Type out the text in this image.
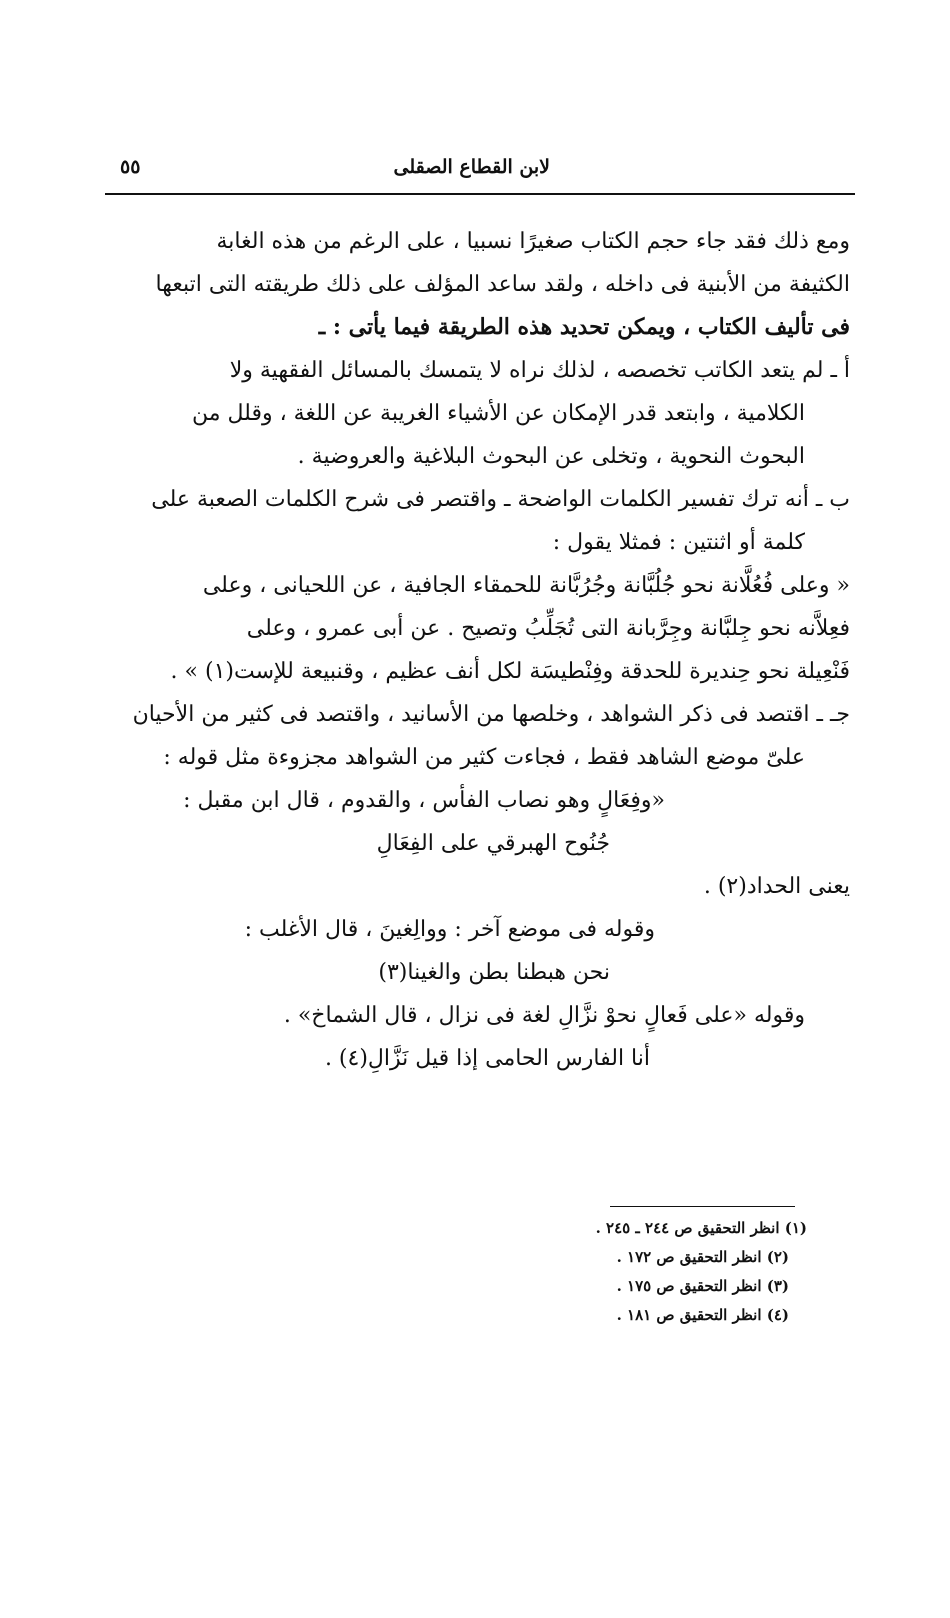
لابن القطاع الصقلى
٥٥

ومع ذلك فقد جاء حجم الكتاب صغيرًا نسبيا ، على الرغم من هذه الغابة

الكثيفة من الأبنية فى داخله ، ولقد ساعد المؤلف على ذلك طريقته التى اتبعها

فى تأليف الكتاب ، ويمكن تحديد هذه الطريقة فيما يأتى : ـ

أ ـ لم يتعد الكاتب تخصصه ، لذلك نراه لا يتمسك بالمسائل الفقهية ولا

الكلامية ، وابتعد قدر الإمكان عن الأشياء الغريبة عن اللغة ، وقلل من

البحوث النحوية ، وتخلى عن البحوث البلاغية والعروضية .

ب ـ أنه ترك تفسير الكلمات الواضحة ـ واقتصر فى شرح الكلمات الصعبة على

كلمة أو اثنتين : فمثلا يقول :

« وعلى فُعُلَّانة نحو جُلُبَّانة وجُرُبَّانة للحمقاء الجافية ، عن اللحيانى ، وعلى

فعِلاَّنه نحو جِلبَّانة وجِرَّبانة التى تُجَلِّبُ وتصيح . عن أبى عمرو ، وعلى

فَنْعِيلة نحو حِنديرة للحدقة وفِنْطيسَة لكل أنف عظيم ، وقنبيعة للإست(١) » .

جـ ـ اقتصد فى ذكر الشواهد ، وخلصها من الأسانيد ، واقتصد فى كثير من الأحيان

علىّ موضع الشاهد فقط ، فجاءت كثير من الشواهد مجزوءة مثل قوله :

«وفِعَالٍ وهو نصاب الفأس ، والقدوم ، قال ابن مقبل :

جُنُوح الهبرقي على الفِعَالِ

يعنى الحداد(٢) .

وقوله فى موضع آخر : ووالِغينَ ، قال الأغلب :

نحن هبطنا بطن والغينا(٣)

وقوله «على فَعالٍ نحوْ نزَّالِ لغة فى نزال ، قال الشماخ» .

أنا الفارس الحامى إذا قيل نَزَّالِ(٤) .

(١) انظر التحقيق ص ٢٤٤ ـ ٢٤٥ .

(٢) انظر التحقيق ص ١٧٢ .

(٣) انظر التحقيق ص ١٧٥ .

(٤) انظر التحقيق ص ١٨١ .
